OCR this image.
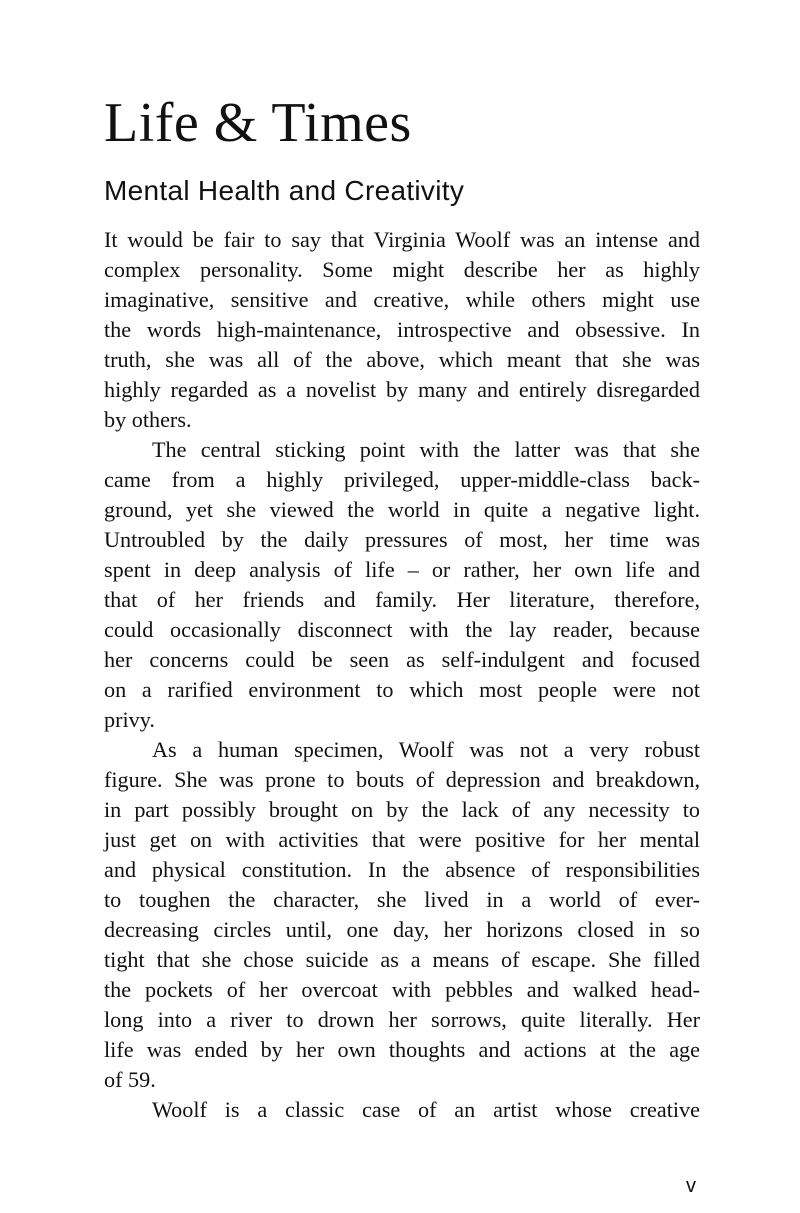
Life & Times
Mental Health and Creativity
It would be fair to say that Virginia Woolf was an intense and
complex personality. Some might describe her as highly
imaginative, sensitive and creative, while others might use
the words high-maintenance, introspective and obsessive. In
truth, she was all of the above, which meant that she was
highly regarded as a novelist by many and entirely disregarded
by others.
The central sticking point with the latter was that she
came from a highly privileged, upper-middle-class back-
ground, yet she viewed the world in quite a negative light.
Untroubled by the daily pressures of most, her time was
spent in deep analysis of life – or rather, her own life and
that of her friends and family. Her literature, therefore,
could occasionally disconnect with the lay reader, because
her concerns could be seen as self-indulgent and focused
on a rarified environment to which most people were not
privy.
As a human specimen, Woolf was not a very robust
figure. She was prone to bouts of depression and breakdown,
in part possibly brought on by the lack of any necessity to
just get on with activities that were positive for her mental
and physical constitution. In the absence of responsibilities
to toughen the character, she lived in a world of ever-
decreasing circles until, one day, her horizons closed in so
tight that she chose suicide as a means of escape. She filled
the pockets of her overcoat with pebbles and walked head-
long into a river to drown her sorrows, quite literally. Her
life was ended by her own thoughts and actions at the age
of 59.
Woolf is a classic case of an artist whose creative
v
